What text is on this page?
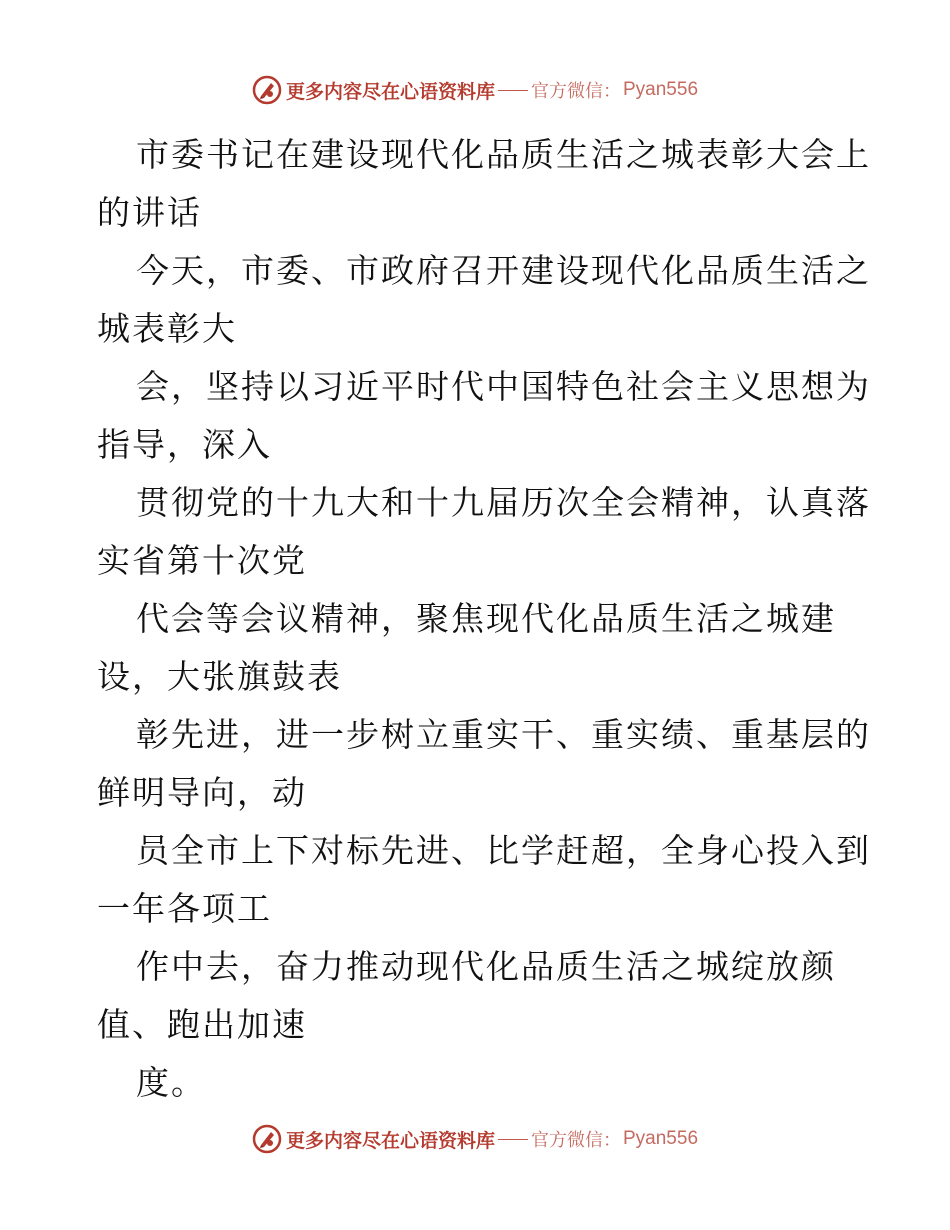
更多内容尽在心语资料库 官方微信： Pyan556
市委书记在建设现代化品质生活之城表彰大会上
的讲话
今天，市委、市政府召开建设现代化品质生活之
城表彰大
会，坚持以习近平时代中国特色社会主义思想为
指导，深入
贯彻党的十九大和十九届历次全会精神，认真落
实省第十次党
代会等会议精神，聚焦现代化品质生活之城建
设，大张旗鼓表
彰先进，进一步树立重实干、重实绩、重基层的
鲜明导向，动
员全市上下对标先进、比学赶超，全身心投入到
一年各项工
作中去，奋力推动现代化品质生活之城绽放颜
值、跑出加速
度。
更多内容尽在心语资料库 官方微信： Pyan556
